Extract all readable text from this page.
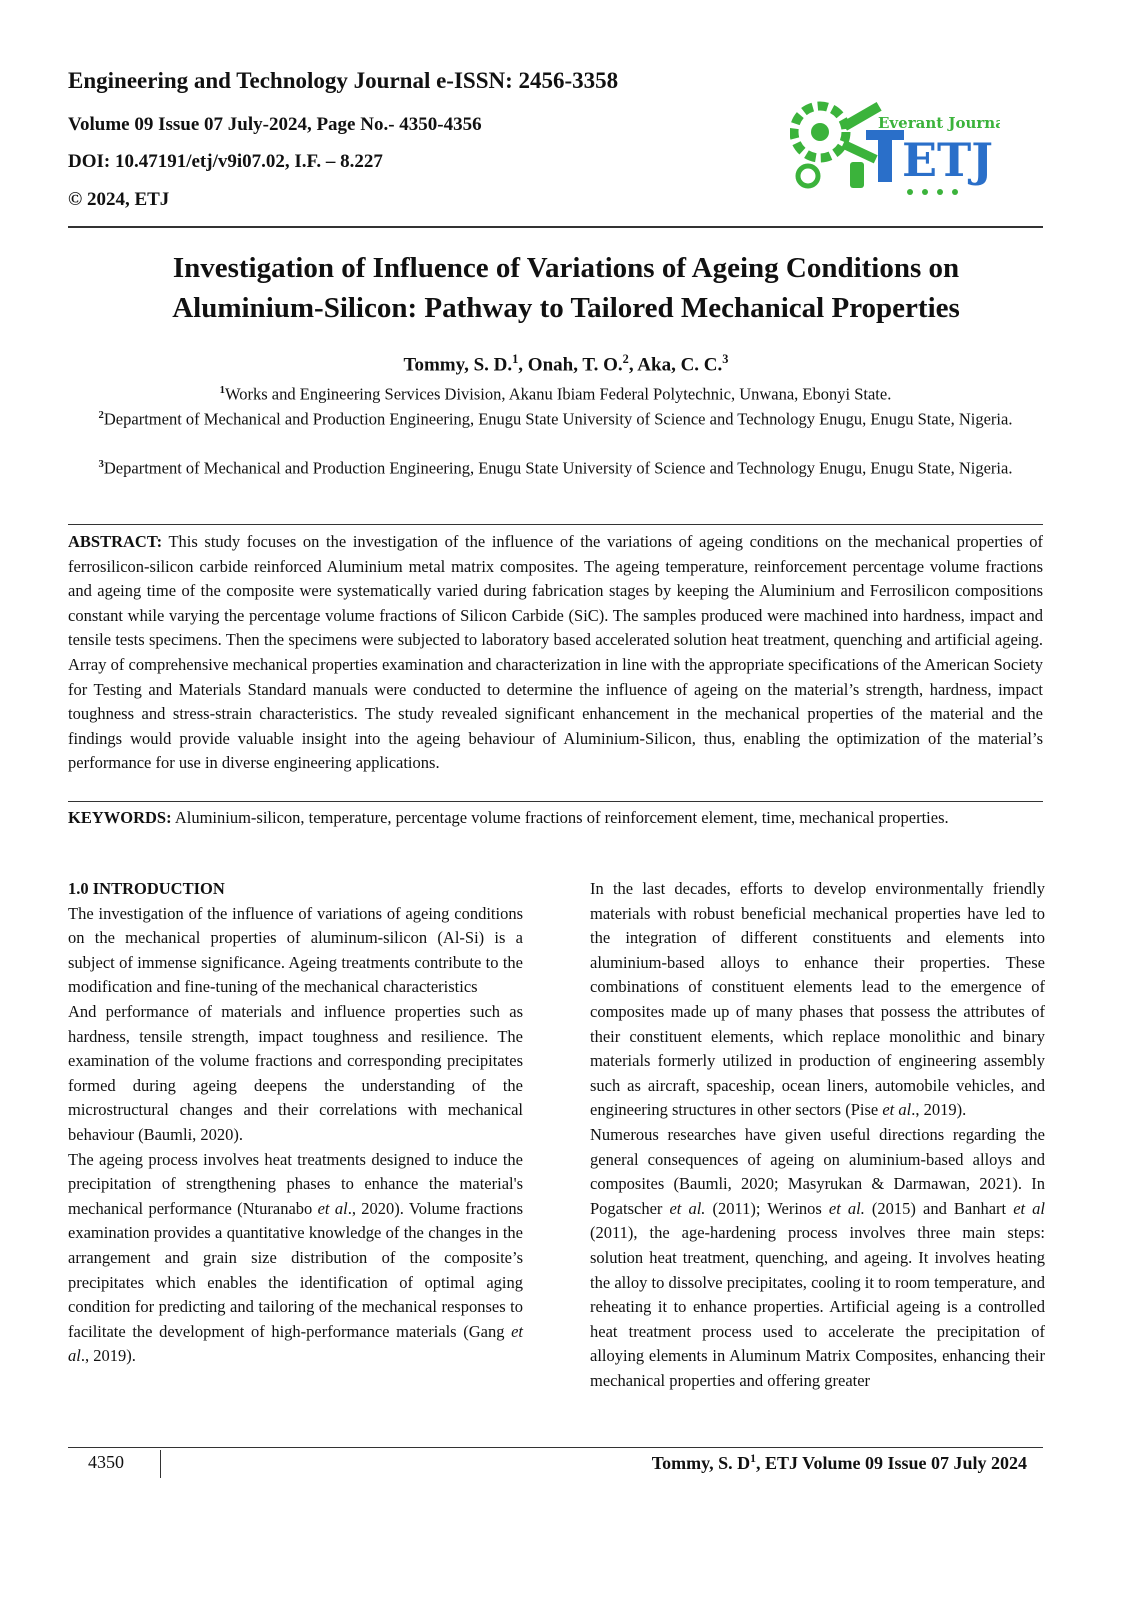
Engineering and Technology Journal e-ISSN: 2456-3358
Volume 09 Issue 07 July-2024, Page No.- 4350-4356
DOI: 10.47191/etj/v9i07.02, I.F. – 8.227
© 2024, ETJ
Everant Journal
ETJ
Investigation of Influence of Variations of Ageing Conditions on
Aluminium-Silicon: Pathway to Tailored Mechanical Properties
Tommy, S. D.$^1$, Onah, T. O.$^2$, Aka, C. C.$^3$
$^1$Works and Engineering Services Division, Akanu Ibiam Federal Polytechnic, Unwana, Ebonyi State.
$^2$Department of Mechanical and Production Engineering, Enugu State University of Science and Technology Enugu, Enugu State, Nigeria.
$^3$Department of Mechanical and Production Engineering, Enugu State University of Science and Technology Enugu, Enugu State, Nigeria.
ABSTRACT: This study focuses on the investigation of the influence of the variations of ageing conditions on the mechanical properties of ferrosilicon-silicon carbide reinforced Aluminium metal matrix composites. The ageing temperature, reinforcement percentage volume fractions and ageing time of the composite were systematically varied during fabrication stages by keeping the Aluminium and Ferrosilicon compositions constant while varying the percentage volume fractions of Silicon Carbide (SiC). The samples produced were machined into hardness, impact and tensile tests specimens. Then the specimens were subjected to laboratory based accelerated solution heat treatment, quenching and artificial ageing. Array of comprehensive mechanical properties examination and characterization in line with the appropriate specifications of the American Society for Testing and Materials Standard manuals were conducted to determine the influence of ageing on the material’s strength, hardness, impact toughness and stress-strain characteristics. The study revealed significant enhancement in the mechanical properties of the material and the findings would provide valuable insight into the ageing behaviour of Aluminium-Silicon, thus, enabling the optimization of the material’s performance for use in diverse engineering applications.
KEYWORDS: Aluminium-silicon, temperature, percentage volume fractions of reinforcement element, time, mechanical properties.

1.0 INTRODUCTION

The investigation of the influence of variations of ageing conditions on the mechanical properties of aluminum-silicon (Al-Si) is a subject of immense significance. Ageing treatments contribute to the modification and fine-tuning of the mechanical characteristics

And performance of materials and influence properties such as hardness, tensile strength, impact toughness and resilience. The examination of the volume fractions and corresponding precipitates formed during ageing deepens the understanding of the microstructural changes and their correlations with mechanical behaviour (Baumli, 2020).

The ageing process involves heat treatments designed to induce the precipitation of strengthening phases to enhance the material's mechanical performance (Nturanabo et al., 2020). Volume fractions examination provides a quantitative knowledge of the changes in the arrangement and grain size distribution of the composite’s precipitates which enables the identification of optimal aging condition for predicting and tailoring of the mechanical responses to facilitate the development of high-performance materials (Gang et al., 2019).

In the last decades, efforts to develop environmentally friendly materials with robust beneficial mechanical properties have led to the integration of different constituents and elements into aluminium-based alloys to enhance their properties. These combinations of constituent elements lead to the emergence of composites made up of many phases that possess the attributes of their constituent elements, which replace monolithic and binary materials formerly utilized in production of engineering assembly such as aircraft, spaceship, ocean liners, automobile vehicles, and engineering structures in other sectors (Pise et al., 2019).

Numerous researches have given useful directions regarding the general consequences of ageing on aluminium-based alloys and composites (Baumli, 2020; Masyrukan & Darmawan, 2021). In Pogatscher et al. (2011); Werinos et al. (2015) and Banhart et al (2011), the age-hardening process involves three main steps: solution heat treatment, quenching, and ageing. It involves heating the alloy to dissolve precipitates, cooling it to room temperature, and reheating it to enhance properties. Artificial ageing is a controlled heat treatment process used to accelerate the precipitation of alloying elements in Aluminum Matrix Composites, enhancing their mechanical properties and offering greater

4350	Tommy, S. $D^1$, ETJ Volume 09 Issue 07 July 2024
